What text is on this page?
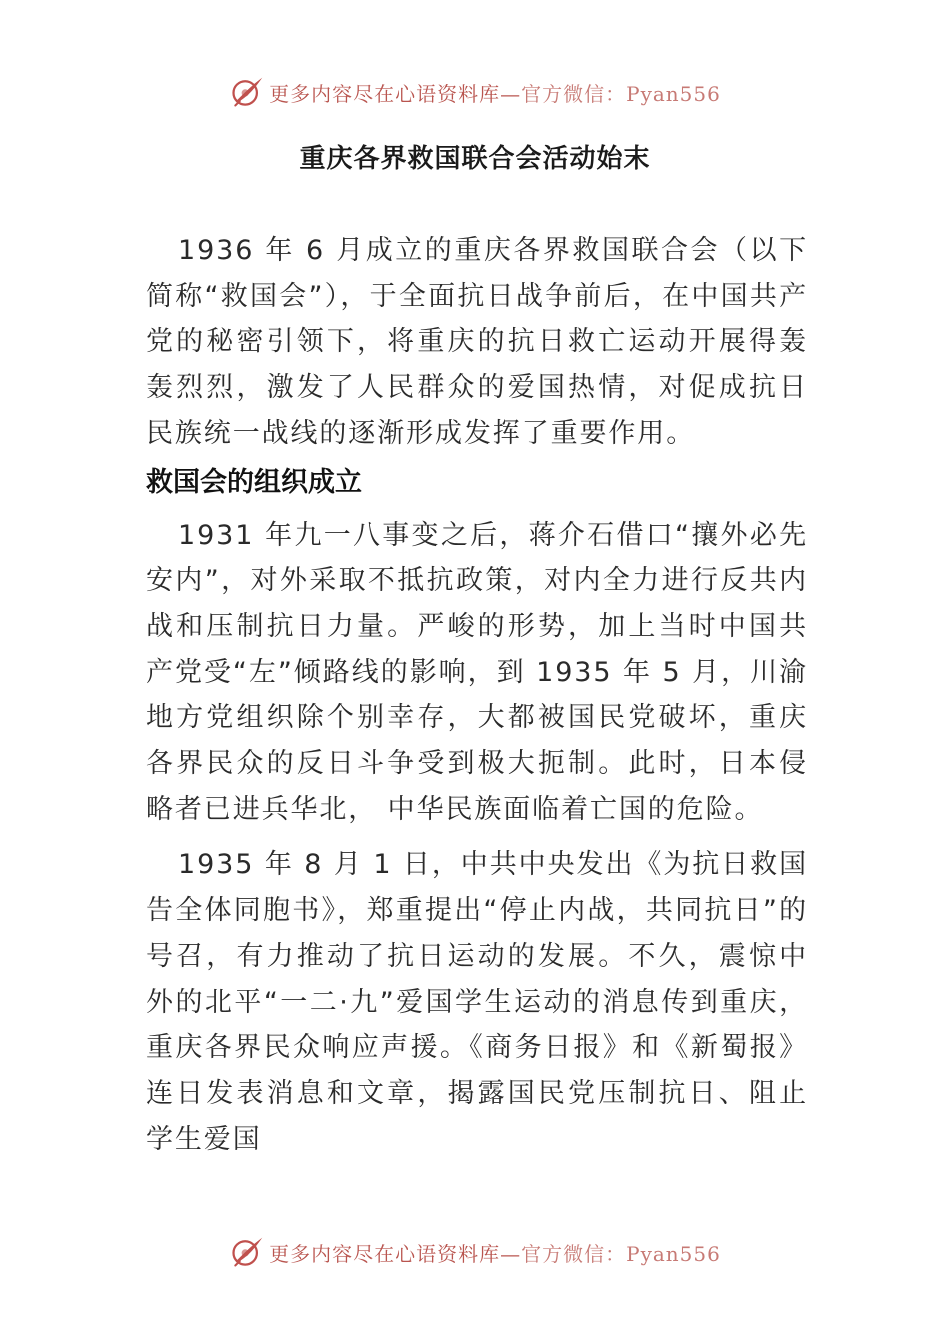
更多内容尽在心语资料库—官方微信：Pyan556
重庆各界救国联合会活动始末

1936 年 6 月成立的重庆各界救国联合会（以下简称“救国会”），于全面抗日战争前后，在中国共产党的秘密引领下，将重庆的抗日救亡运动开展得轰轰烈烈，激发了人民群众的爱国热情，对促成抗日民族统一战线的逐渐形成发挥了重要作用。

救国会的组织成立

1931 年九一八事变之后，蒋介石借口“攘外必先安内”，对外采取不抵抗政策，对内全力进行反共内战和压制抗日力量。严峻的形势，加上当时中国共产党受“左”倾路线的影响，到 1935 年 5 月，川渝地方党组织除个别幸存，大都被国民党破坏，重庆各界民众的反日斗争受到极大扼制。此时，日本侵略者已进兵华北， 中华民族面临着亡国的危险。

1935 年 8 月 1 日，中共中央发出《为抗日救国告全体同胞书》，郑重提出“停止内战，共同抗日”的号召，有力推动了抗日运动的发展。不久，震惊中外的北平“一二·九”爱国学生运动的消息传到重庆，重庆各界民众响应声援。《商务日报》和《新蜀报》连日发表消息和文章，揭露国民党压制抗日、阻止学生爱国

更多内容尽在心语资料库—官方微信：Pyan556
